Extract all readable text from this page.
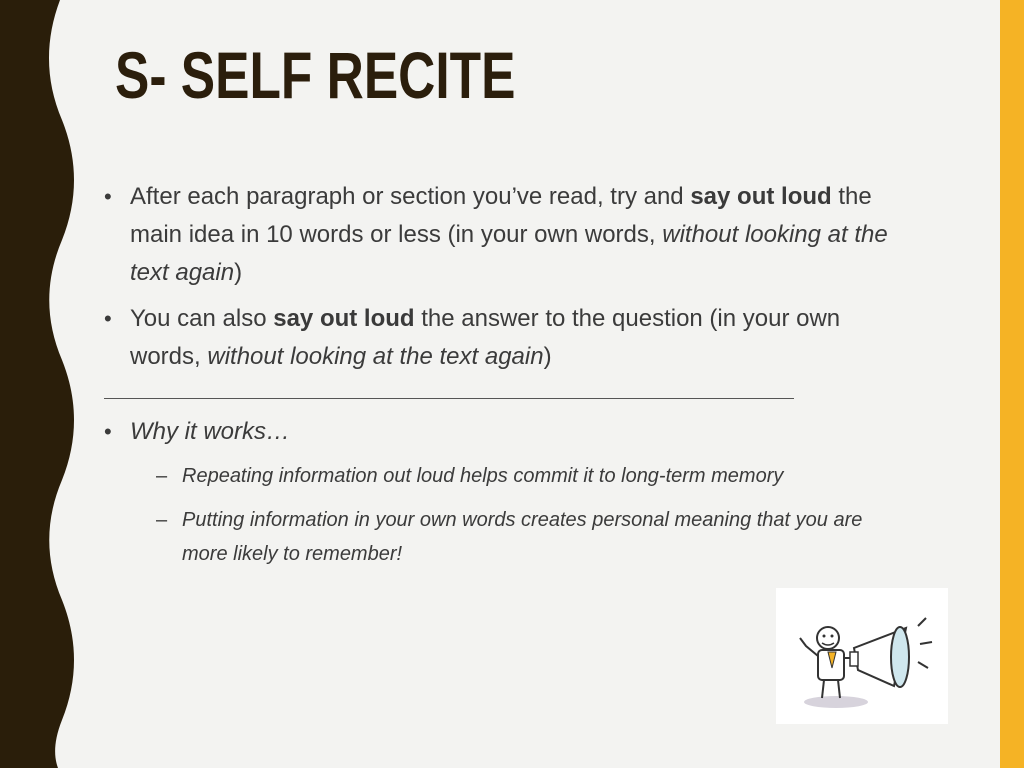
S- SELF RECITE
• After each paragraph or section you’ve read, try and say out loud the main idea in 10 words or less (in your own words, without looking at the text again)
• You can also say out loud the answer to the question (in your own words, without looking at the text again)
• Why it works…
– Repeating information out loud helps commit it to long-term memory
– Putting information in your own words creates personal meaning that you are more likely to remember!
